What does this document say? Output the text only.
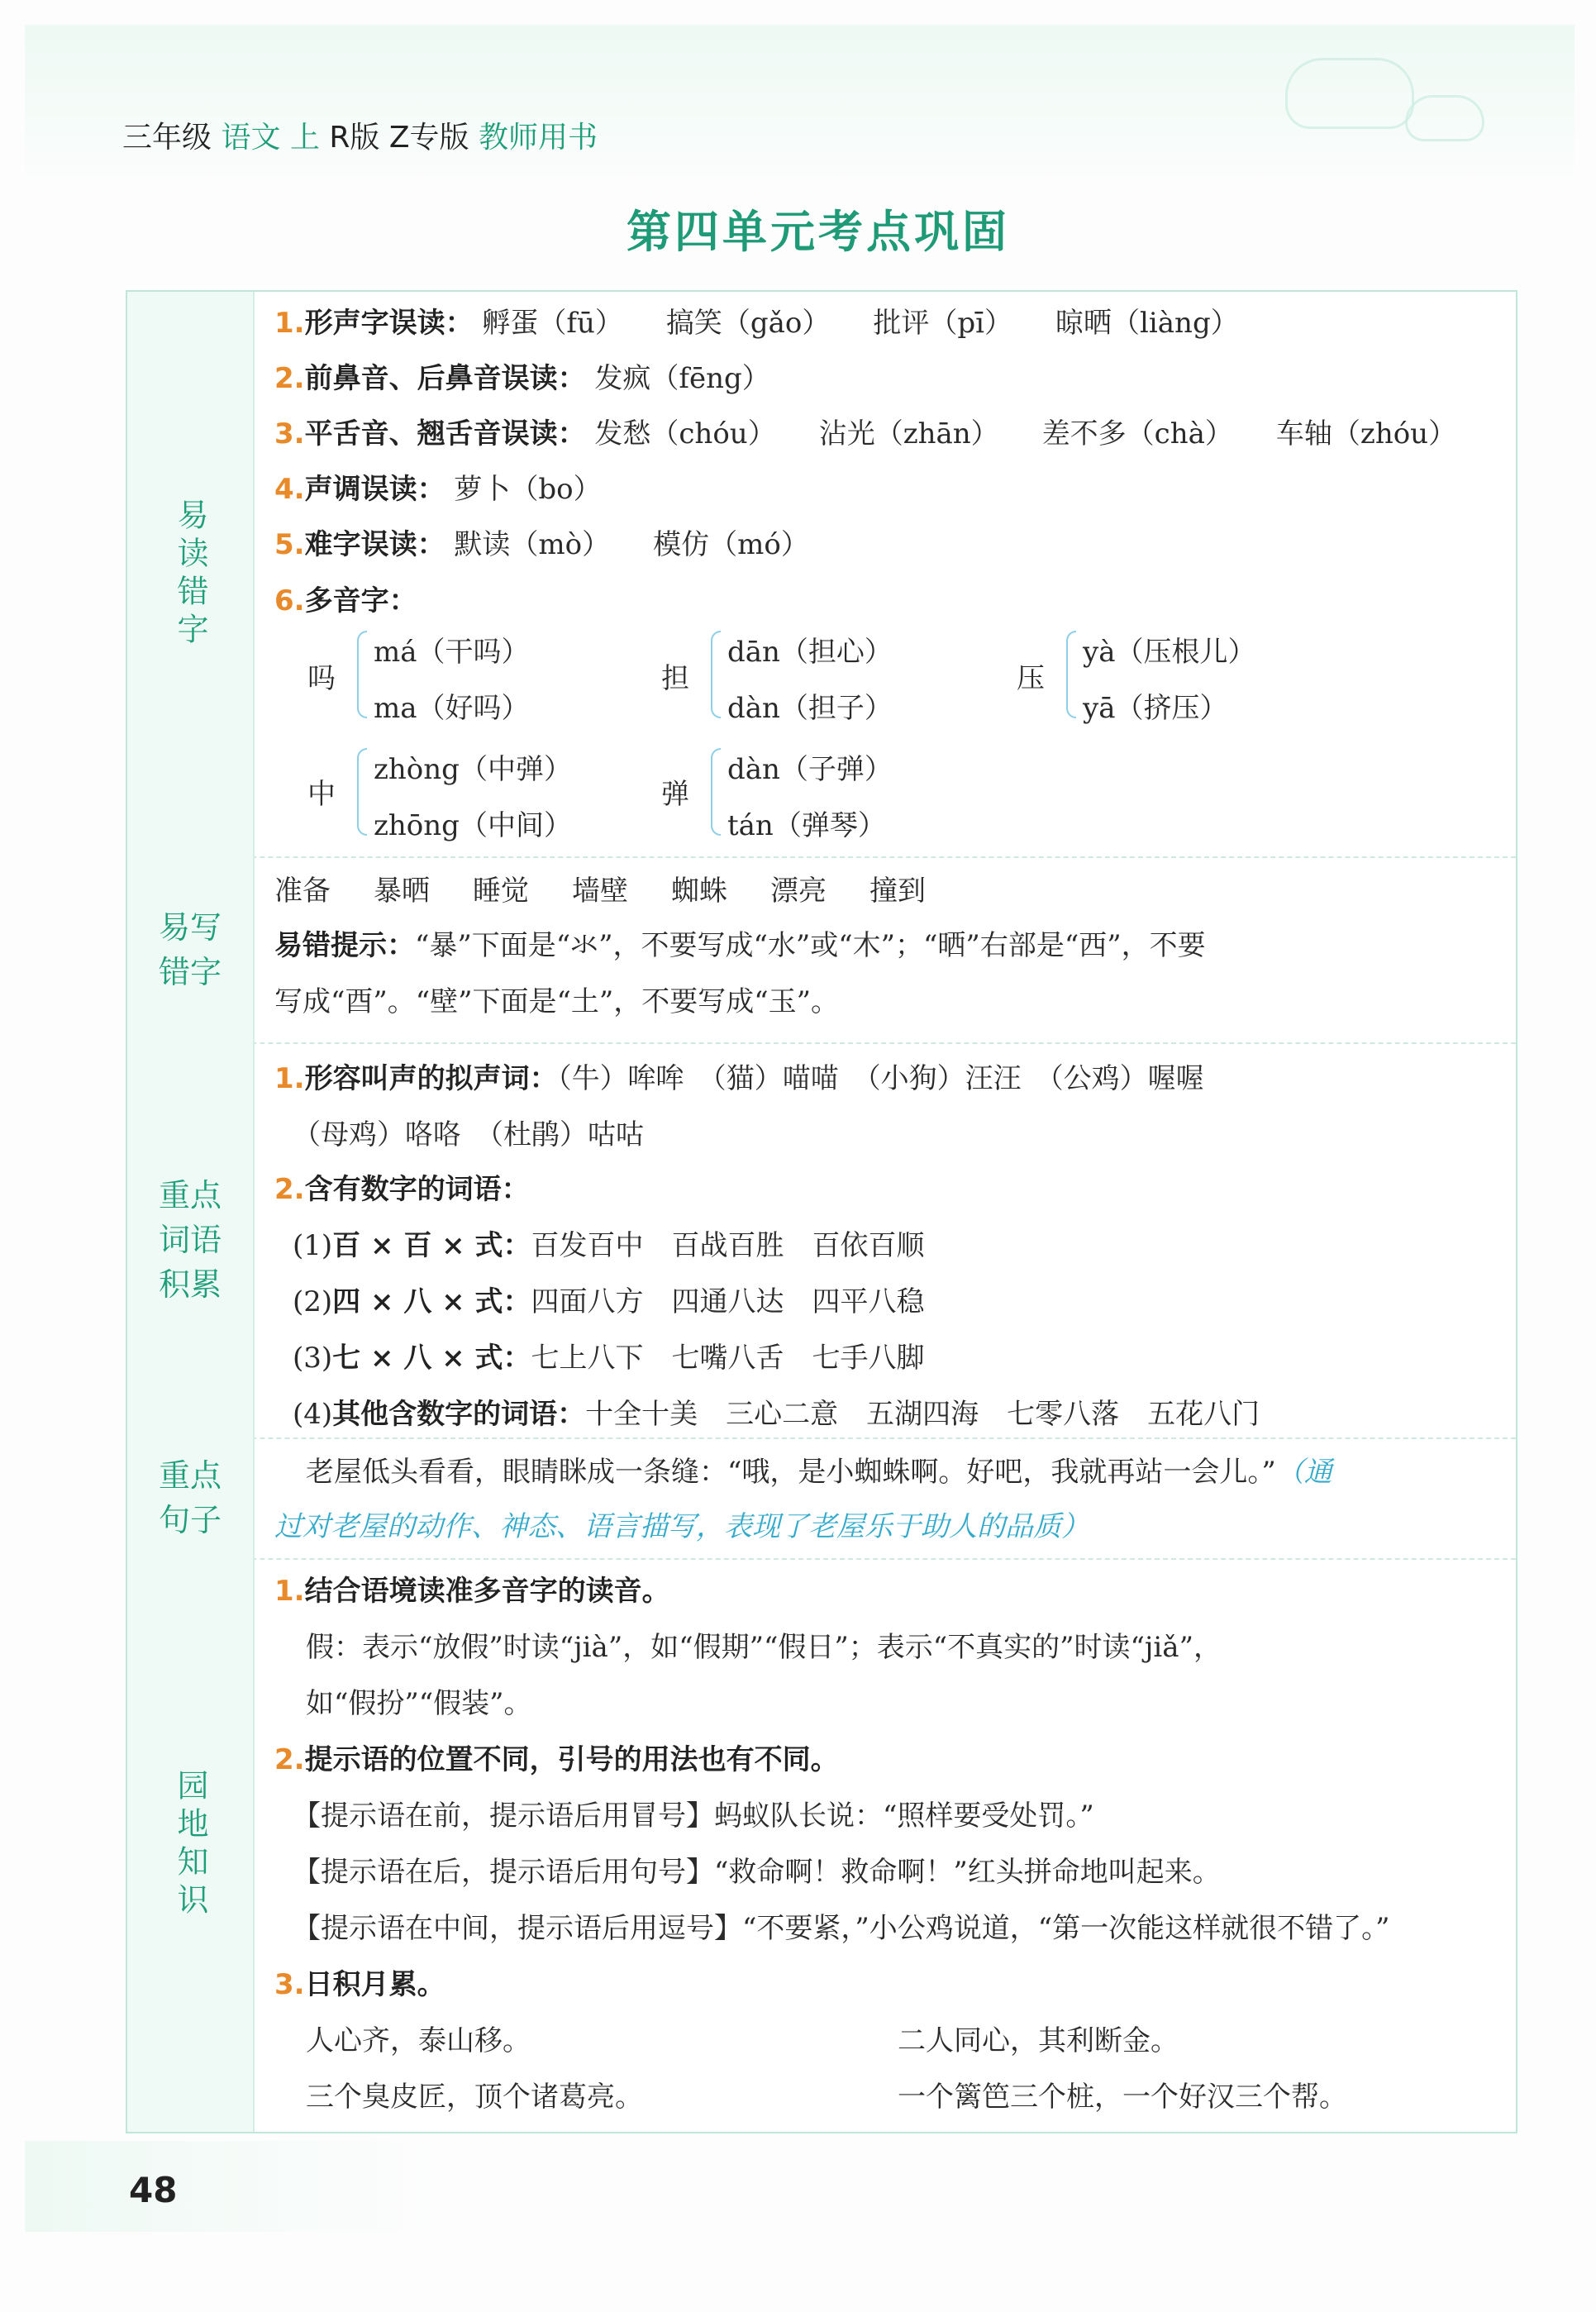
三年级 语文 上 R版 Z专版 教师用书
第四单元考点巩固
易读错字
1.形声字误读： 孵蛋（fū） 搞笑（gǎo） 批评（pī） 晾晒（liàng）
2.前鼻音、后鼻音误读： 发疯（fēng）
3.平舌音、翘舌音误读： 发愁（chóu） 沾光（zhān） 差不多（chà） 车轴（zhóu）
4.声调误读： 萝卜（bo）
5.难字误读： 默读（mò） 模仿（mó）
6.多音字：
吗
má（干吗）
ma（好吗）
担
dān（担心）
dàn（担子）
压
yà（压根儿）
yā（挤压）
中
zhòng（中弹）
zhōng（中间）
弹
dàn（子弹）
tán（弹琴）
易写错字
准备 暴晒 睡觉 墙壁 蜘蛛 漂亮 撞到
易错提示：“暴”下面是“氺”，不要写成“水”或“木”；“晒”右部是“西”，不要
写成“酉”。“壁”下面是“土”，不要写成“玉”。
重点词语积累
1.形容叫声的拟声词：（牛）哞哞　（猫）喵喵　（小狗）汪汪　（公鸡）喔喔
（母鸡）咯咯　（杜鹃）咕咕
2.含有数字的词语：
(1)百 × 百 × 式：百发百中　百战百胜　百依百顺
(2)四 × 八 × 式：四面八方　四通八达　四平八稳
(3)七 × 八 × 式：七上八下　七嘴八舌　七手八脚
(4)其他含数字的词语：十全十美　三心二意　五湖四海　七零八落　五花八门
重点句子
老屋低头看看，眼睛眯成一条缝：“哦，是小蜘蛛啊。好吧，我就再站一会儿。”（通
过对老屋的动作、神态、语言描写，表现了老屋乐于助人的品质）
园地知识
1.结合语境读准多音字的读音。
假：表示“放假”时读“jià”，如“假期”“假日”；表示“不真实的”时读“jiǎ”，
如“假扮”“假装”。
2.提示语的位置不同，引号的用法也有不同。
【提示语在前，提示语后用冒号】蚂蚁队长说：“照样要受处罚。”
【提示语在后，提示语后用句号】“救命啊！救命啊！”红头拼命地叫起来。
【提示语在中间，提示语后用逗号】“不要紧，”小公鸡说道，“第一次能这样就很不错了。”
3.日积月累。
人心齐，泰山移。	二人同心，其利断金。
三个臭皮匠，顶个诸葛亮。	一个篱笆三个桩，一个好汉三个帮。
48
